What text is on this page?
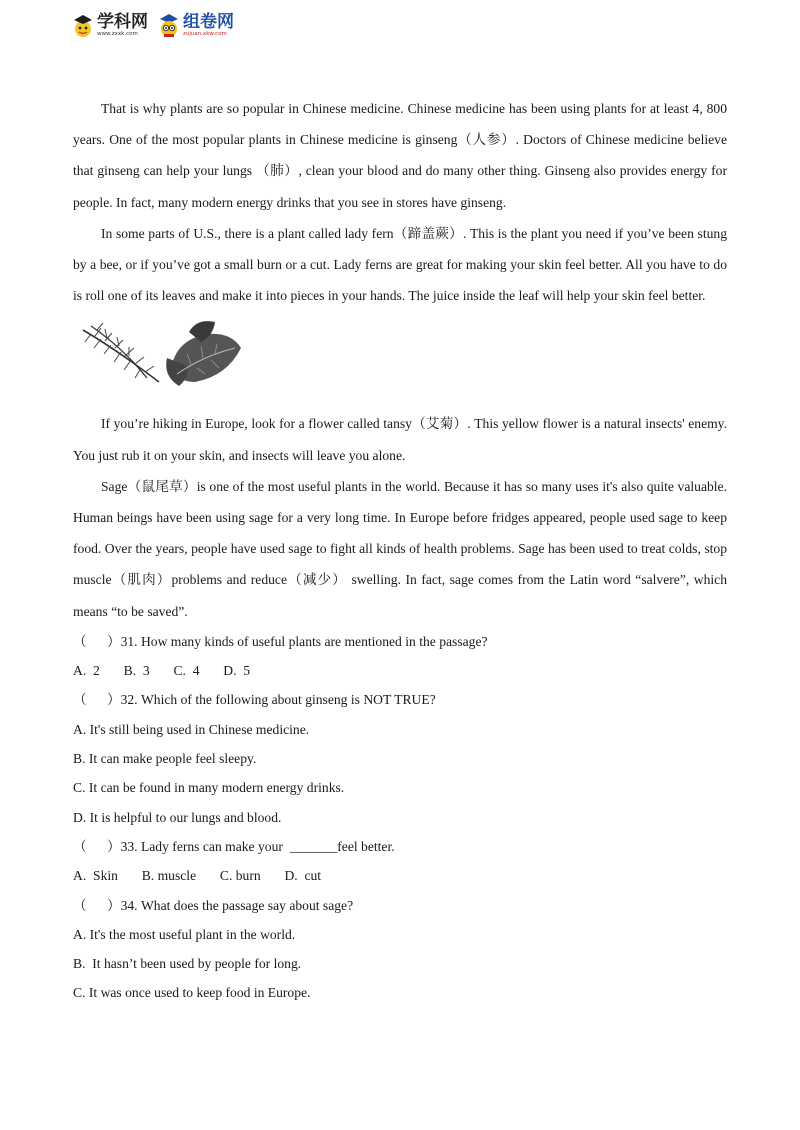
学科网
www.zxxk.com
组卷网
zujuan.xkw.com

That is why plants are so popular in Chinese medicine. Chinese medicine has been using plants for at least 4, 800 years. One of the most popular plants in Chinese medicine is ginseng（人参）. Doctors of Chinese medicine believe that ginseng can help your lungs （肺）, clean your blood and do many other thing. Ginseng also provides energy for people. In fact, many modern energy drinks that you see in stores have ginseng.

In some parts of U.S., there is a plant called lady fern（蹄盖蕨）. This is the plant you need if you’ve been stung by a bee, or if you’ve got a small burn or a cut. Lady ferns are great for making your skin feel better. All you have to do is roll one of its leaves and make it into pieces in your hands. The juice inside the leaf will help your skin feel better.

If you’re hiking in Europe, look for a flower called tansy（艾菊）. This yellow flower is a natural insects' enemy. You just rub it on your skin, and insects will leave you alone.

Sage（鼠尾草）is one of the most useful plants in the world. Because it has so many uses it's also quite valuable. Human beings have been using sage for a very long time. In Europe before fridges appeared, people used sage to keep food. Over the years, people have used sage to fight all kinds of health problems. Sage has been used to treat colds, stop muscle（肌肉）problems and reduce（减少） swelling. In fact, sage comes from the Latin word “salvere”, which means “to be saved”.

（      ）31. How many kinds of useful plants are mentioned in the passage?
A.  2       B.  3       C.  4       D.  5
（      ）32. Which of the following about ginseng is NOT TRUE?
A. It's still being used in Chinese medicine.
B. It can make people feel sleepy.
C. It can be found in many modern energy drinks.
D. It is helpful to our lungs and blood.
（      ）33. Lady ferns can make your  _______feel better.
A.  Skin       B. muscle       C. burn       D.  cut
（      ）34. What does the passage say about sage?
A. It's the most useful plant in the world.
B.  It hasn’t been used by people for long.
C. It was once used to keep food in Europe.
